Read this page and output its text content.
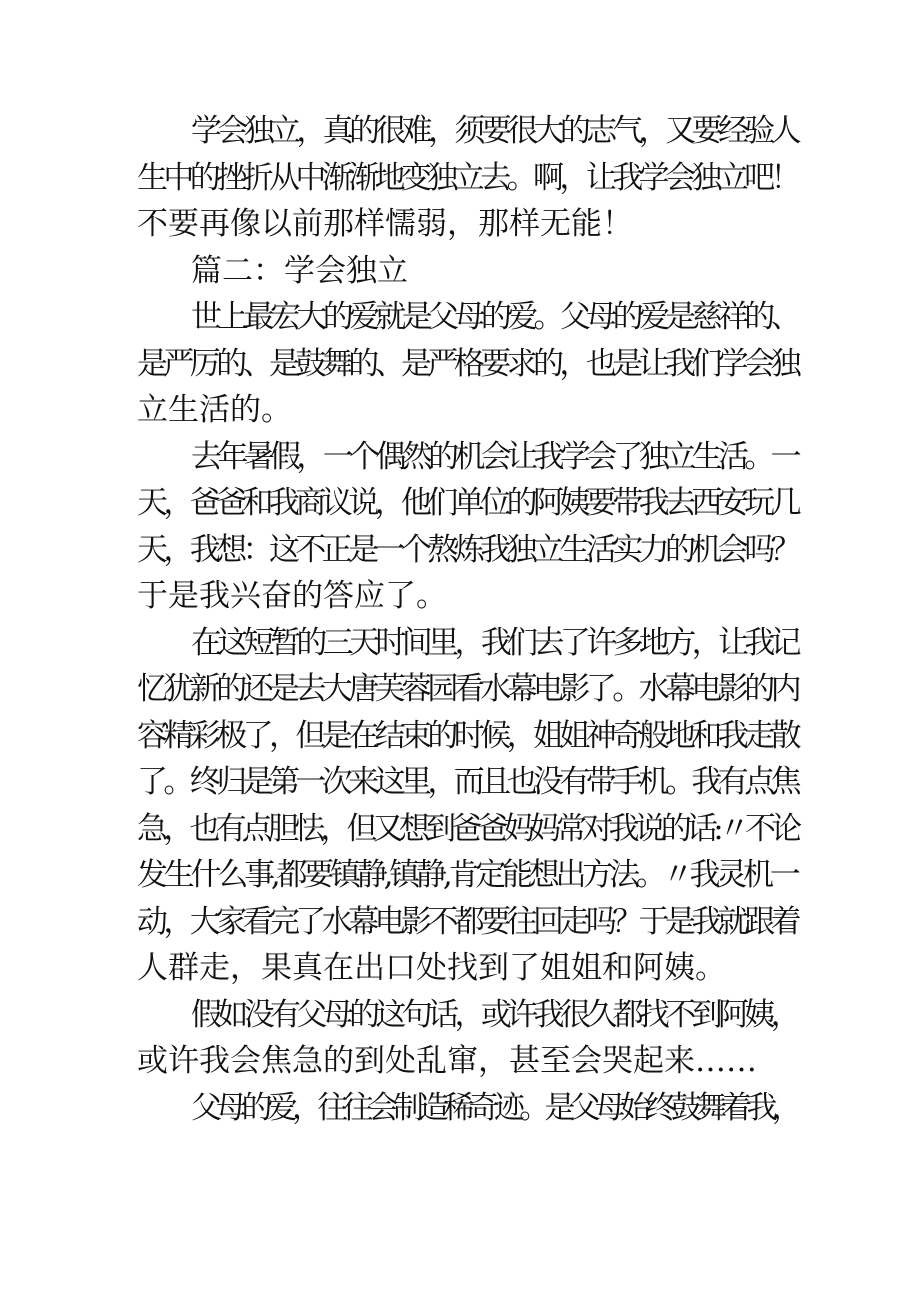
学会独立，真的很难，须要很大的志气，又要经验人
生中的挫折从中渐渐地变独立去。啊，让我学会独立吧！
不要再像以前那样懦弱，那样无能！
篇二：学会独立
世上最宏大的爱就是父母的爱。父母的爱是慈祥的、
是严厉的、是鼓舞的、是严格要求的，也是让我们学会独
立生活的。
去年暑假，一个偶然的机会让我学会了独立生活。一
天，爸爸和我商议说，他们单位的阿姨要带我去西安玩几
天，我想：这不正是一个熬炼我独立生活实力的机会吗？
于是我兴奋的答应了。
在这短暂的三天时间里，我们去了许多地方，让我记
忆犹新的还是去大唐芙蓉园看水幕电影了。水幕电影的内
容精彩极了，但是在结束的时候，姐姐神奇般地和我走散
了。终归是第一次来这里，而且也没有带手机。我有点焦
急，也有点胆怯，但又想到爸爸妈妈常对我说的话:〃不论
发生什么事,都要镇静,镇静,肯定能想出方法。〃我灵机一
动，大家看完了水幕电影不都要往回走吗？于是我就跟着
人群走，果真在出口处找到了姐姐和阿姨。
假如没有父母的这句话，或许我很久都找不到阿姨，
或许我会焦急的到处乱窜，甚至会哭起来……
父母的爱，往往会制造稀奇迹。是父母始终鼓舞着我，
